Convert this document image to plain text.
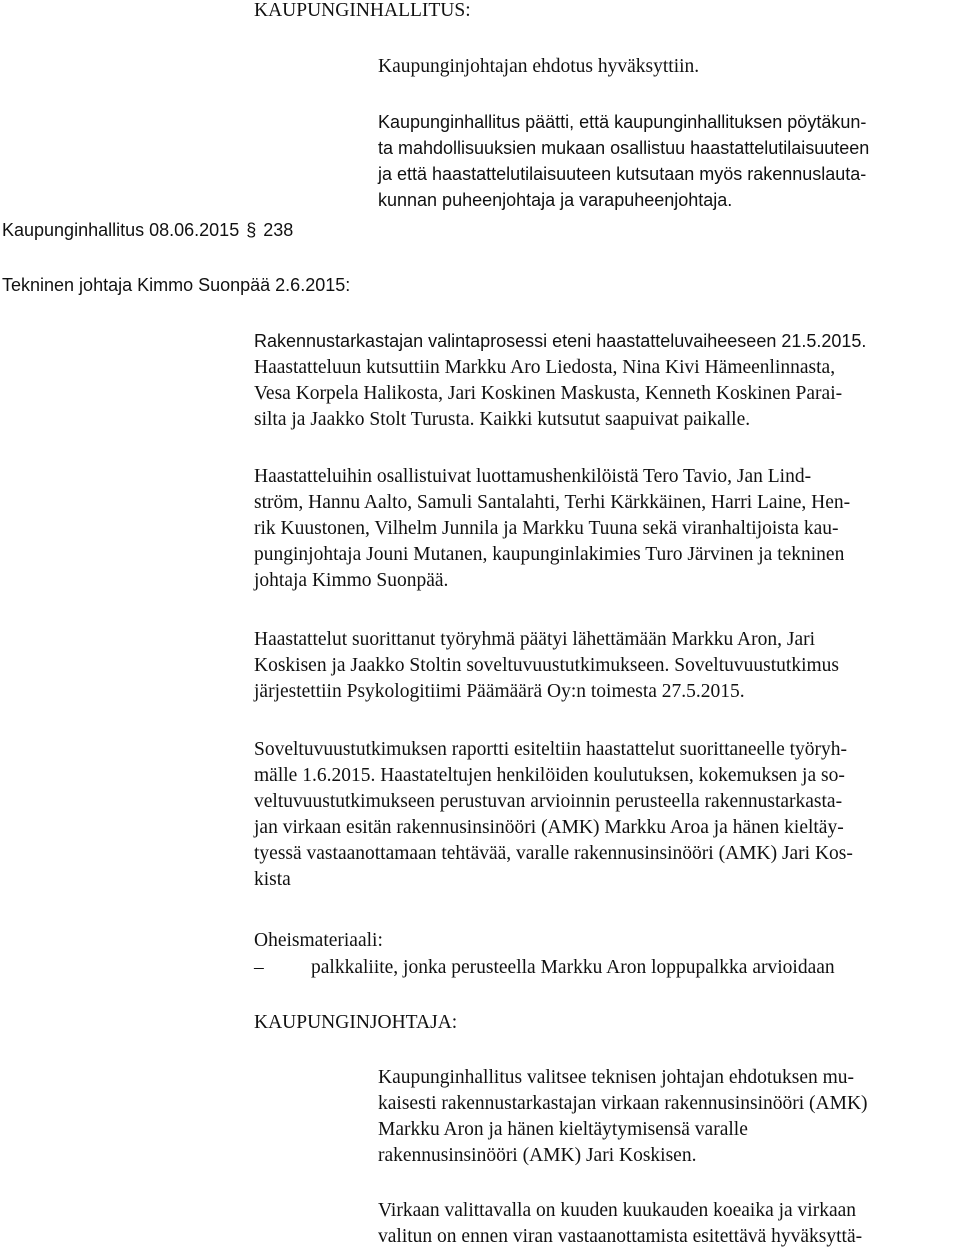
KAUPUNGINHALLITUS:
Kaupunginjohtajan ehdotus hyväksyttiin.
Kaupunginhallitus päätti, että kaupunginhallituksen pöytäkun-
ta mahdollisuuksien mukaan osallistuu haastattelutilaisuuteen
ja että haastattelutilaisuuteen kutsutaan myös rakennuslauta-
kunnan puheenjohtaja ja varapuheenjohtaja.
Kaupunginhallitus 08.06.2015 § 238
Tekninen johtaja Kimmo Suonpää 2.6.2015:
Rakennustarkastajan valintaprosessi eteni haastatteluvaiheeseen 21.5.2015.
Haastatteluun kutsuttiin Markku Aro Liedosta, Nina Kivi Hämeenlinnasta,
Vesa Korpela Halikosta, Jari Koskinen Maskusta, Kenneth Koskinen Parai-
silta ja Jaakko Stolt Turusta. Kaikki kutsutut saapuivat paikalle.
Haastatteluihin osallistuivat luottamushenkilöistä Tero Tavio, Jan Lind-
ström, Hannu Aalto, Samuli Santalahti, Terhi Kärkkäinen, Harri Laine, Hen-
rik Kuustonen, Vilhelm Junnila ja Markku Tuuna sekä viranhaltijoista kau-
punginjohtaja Jouni Mutanen, kaupunginlakimies Turo Järvinen ja tekninen
johtaja Kimmo Suonpää.
Haastattelut suorittanut työryhmä päätyi lähettämään Markku Aron, Jari
Koskisen ja Jaakko Stoltin soveltuvuustutkimukseen. Soveltuvuustutkimus
järjestettiin Psykologitiimi Päämäärä Oy:n toimesta 27.5.2015.
Soveltuvuustutkimuksen raportti esiteltiin haastattelut suorittaneelle työryh-
mälle 1.6.2015. Haastateltujen henkilöiden koulutuksen, kokemuksen ja so-
veltuvuustutkimukseen perustuvan arvioinnin perusteella rakennustarkasta-
jan virkaan esitän rakennusinsinööri (AMK) Markku Aroa ja hänen kieltäy-
tyessä vastaanottamaan tehtävää, varalle rakennusinsinööri (AMK) Jari Kos-
kista
Oheismateriaali:
– palkkaliite, jonka perusteella Markku Aron loppupalkka arvioidaan
KAUPUNGINJOHTAJA:
Kaupunginhallitus valitsee teknisen johtajan ehdotuksen mu-
kaisesti rakennustarkastajan virkaan rakennusinsinööri (AMK)
Markku Aron ja hänen kieltäytymisensä varalle
rakennusinsinööri (AMK) Jari Koskisen.
Virkaan valittavalla on kuuden kuukauden koeaika ja virkaan
valitun on ennen viran vastaanottamista esitettävä hyväksyttä-
